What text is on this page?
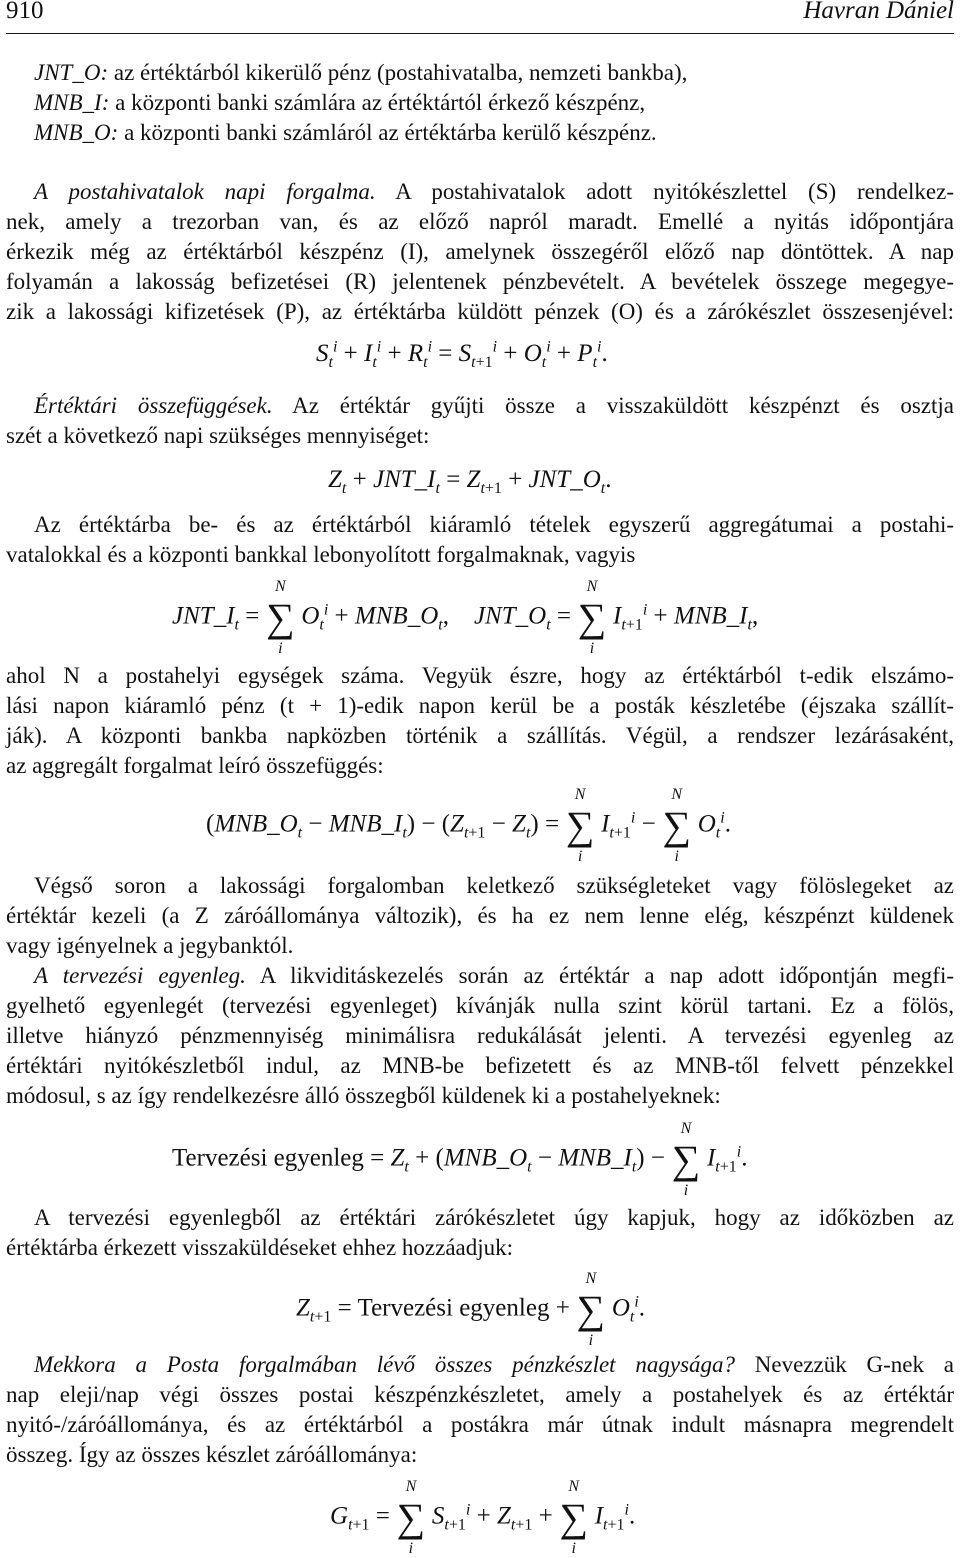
910	Havran Dániel
JNT_O: az értéktárból kikerülő pénz (postahivatalba, nemzeti bankba),
MNB_I: a központi banki számlára az értéktártól érkező készpénz,
MNB_O: a központi banki számláról az értéktárba kerülő készpénz.
A postahivatalok napi forgalma. A postahivatalok adott nyitókészlettel (S) rendelkez-
nek, amely a trezorban van, és az előző napról maradt. Emellé a nyitás időpontjára
érkezik még az értéktárból készpénz (I), amelynek összegéről előző nap döntöttek. A nap
folyamán a lakosság befizetései (R) jelentenek pénzbevételt. A bevételek összege megegye-
zik a lakossági kifizetések (P), az értéktárba küldött pénzek (O) és a zárókészlet összesenjével:
$S_t^i + I_t^i + R_t^i = S_{t+1}^i + O_t^i + P_t^i$.
Értéktári összefüggések. Az értéktár gyűjti össze a visszaküldött készpénzt és osztja
szét a következő napi szükséges mennyiséget:
$Z_t$ + $JNT\_I_t = Z_{t+1}$ + $JNT\_O_t$.
Az értéktárba be- és az értéktárból kiáramló tételek egyszerű aggregátumai a postahi-
vatalokkal és a központi bankkal lebonyolított forgalmaknak, vagyis
$JNT\_I_t$ =
N
∑
i
$O_t^i$ + $MNB\_O_t$,    $JNT\_O_t$ =
N
∑
i
$I_{t+1}^i$ + $MNB\_I_t$,
ahol N a postahelyi egységek száma. Vegyük észre, hogy az értéktárból t-edik elszámo-
lási napon kiáramló pénz (t + 1)-edik napon kerül be a posták készletébe (éjszaka szállít-
ják). A központi bankba napközben történik a szállítás. Végül, a rendszer lezárásaként,
az aggregált forgalmat leíró összefüggés:
($MNB\_O_t$ − $MNB\_I_t) - (Z_{t+1} - Z_t)$ =
N
∑
i
$I_{t+1}^i$ −
N
∑
i
$O_t^i$.
Végső soron a lakossági forgalomban keletkező szükségleteket vagy fölöslegeket az
értéktár kezeli (a Z záróállománya változik), és ha ez nem lenne elég, készpénzt küldenek
vagy igényelnek a jegybanktól.
A tervezési egyenleg. A likviditáskezelés során az értéktár a nap adott időpontján megfi-
gyelhető egyenlegét (tervezési egyenleget) kívánják nulla szint körül tartani. Ez a fölös,
illetve hiányzó pénzmennyiség minimálisra redukálását jelenti. A tervezési egyenleg az
értéktári nyitókészletből indul, az MNB-be befizetett és az MNB-től felvett pénzekkel
módosul, s az így rendelkezésre álló összegből küldenek ki a postahelyeknek:
Tervezési egyenleg = $Z_t$ + ($MNB\_O_t$ − $MNB\_I_t$) −
N
∑
i
$I_{t+1}^i$.
A tervezési egyenlegből az értéktári zárókészletet úgy kapjuk, hogy az időközben az
értéktárba érkezett visszaküldéseket ehhez hozzáadjuk:
$Z_{t+1}$ = Tervezési egyenleg +
N
∑
i
$O_t^i$.
Mekkora a Posta forgalmában lévő összes pénzkészlet nagysága? Nevezzük G-nek a
nap eleji/nap végi összes postai készpénzkészletet, amely a postahelyek és az értéktár
nyitó-/záróállománya, és az értéktárból a postákra már útnak indult másnapra megrendelt
összeg. Így az összes készlet záróállománya:
$G_{t+1}$ =
N
∑
i
$S_{t+1}^i + Z_{t+1}$ +
N
∑
i
$I_{t+1}^i$.
